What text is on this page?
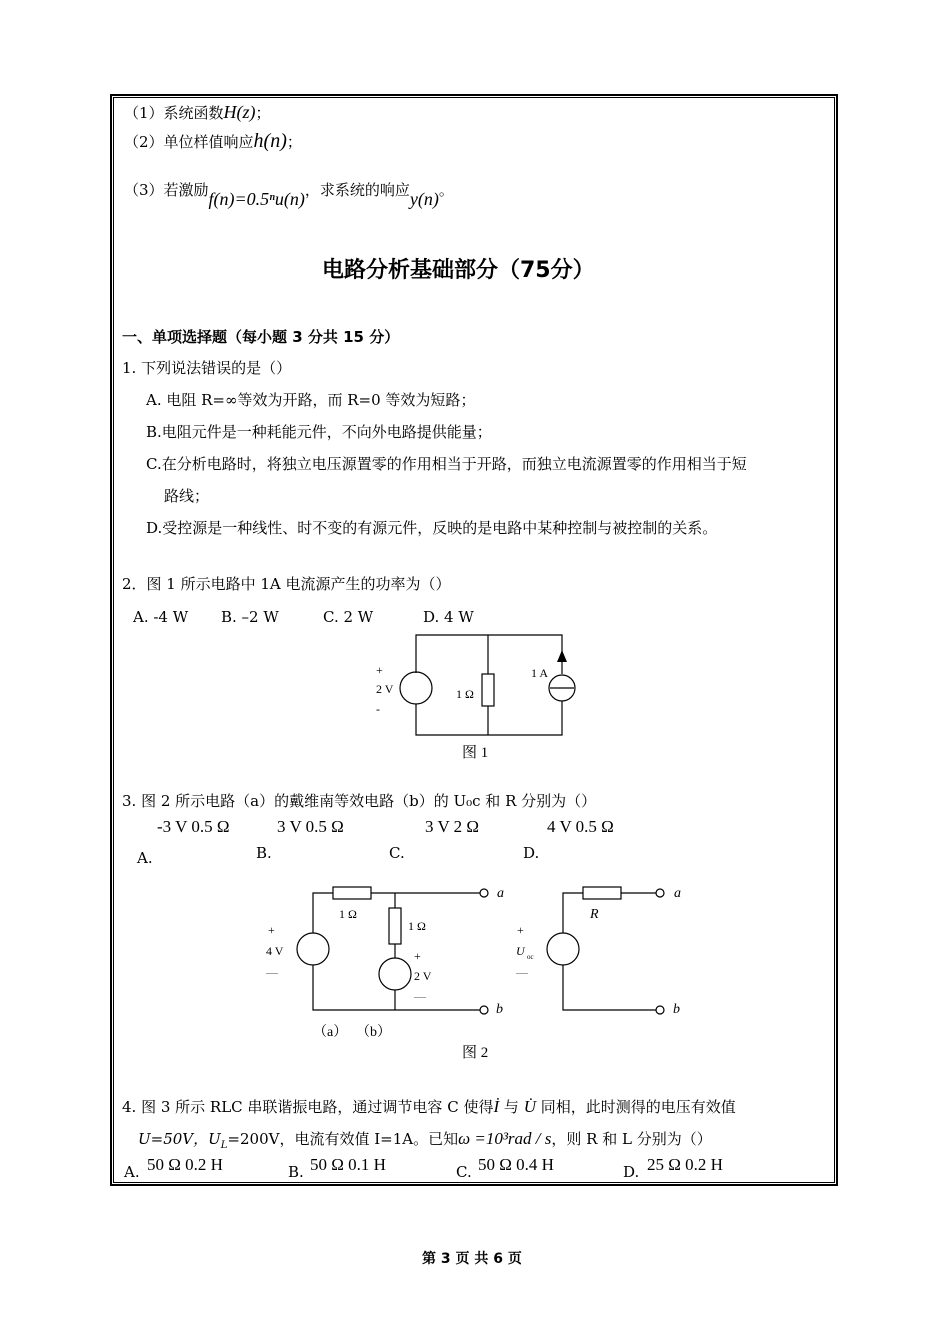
（1）系统函数H(z)；
（2）单位样值响应h(n)；
（3）若激励f(n)=0.5ⁿu(n)，求系统的响应y(n)。
电路分析基础部分（75分）
一、单项选择题（每小题 3 分共 15 分）
1. 下列说法错误的是（）
A. 电阻 R=∞等效为开路，而 R=0 等效为短路；
B.电阻元件是一种耗能元件，不向外电路提供能量；
C.在分析电路时，将独立电压源置零的作用相当于开路，而独立电流源置零的作用相当于短
路线；
D.受控源是一种线性、时不变的有源元件，反映的是电路中某种控制与被控制的关系。
2．图 1 所示电路中 1A 电流源产生的功率为（）
A. -4 W B. –2 W	C. 2 W	D. 4 W
+
2 V
-
1 Ω
1 A
图 1
3. 图 2 所示电路（a）的戴维南等效电路（b）的 U₀c 和 R 分别为（）
-3 V 0.5 Ω	3 V 0.5 Ω	3 V 2 Ω	4 V 0.5 Ω
A.	B.	C.	D.
1 Ω
1 Ω
+
4 V
—
+
2 V
—
a
b
R
+
U oc
—
a
b
（a） （b）
图 2
4. 图 3 所示 RLC 串联谐振电路，通过调节电容 C 使得İ 与 U̇ 同相，此时测得的电压有效值
U=50V，$U_L=200V$，电流有效值 I=1A。已知ω =10³rad / s，则 R 和 L 分别为（）
A. 50 Ω 0.2 H	B. 50 Ω 0.1 H	C. 50 Ω 0.4 H	D. 25 Ω 0.2 H
第 3 页 共 6 页
